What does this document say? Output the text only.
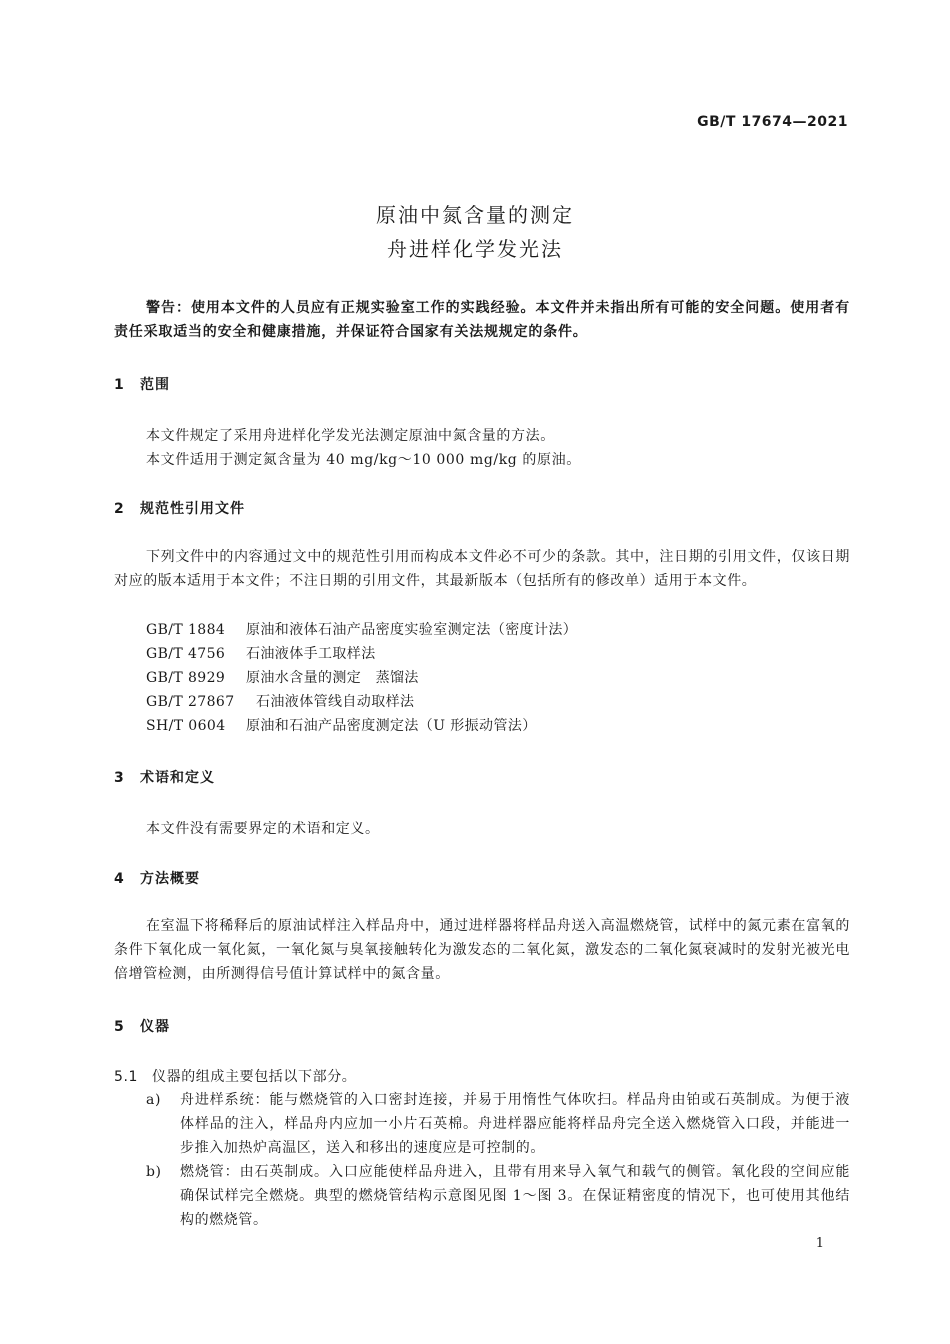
GB/T 17674—2021
原油中氮含量的测定
舟进样化学发光法
警告：使用本文件的人员应有正规实验室工作的实践经验。本文件并未指出所有可能的安全问题。使用者有责任采取适当的安全和健康措施，并保证符合国家有关法规规定的条件。
1 范围
本文件规定了采用舟进样化学发光法测定原油中氮含量的方法。
本文件适用于测定氮含量为 40 mg/kg～10 000 mg/kg 的原油。
2 规范性引用文件
下列文件中的内容通过文中的规范性引用而构成本文件必不可少的条款。其中，注日期的引用文件，仅该日期对应的版本适用于本文件；不注日期的引用文件，其最新版本（包括所有的修改单）适用于本文件。
GB/T 1884 原油和液体石油产品密度实验室测定法（密度计法）
GB/T 4756 石油液体手工取样法
GB/T 8929 原油水含量的测定　蒸馏法
GB/T 27867 石油液体管线自动取样法
SH/T 0604 原油和石油产品密度测定法（U 形振动管法）
3 术语和定义
本文件没有需要界定的术语和定义。
4 方法概要
在室温下将稀释后的原油试样注入样品舟中，通过进样器将样品舟送入高温燃烧管，试样中的氮元素在富氧的条件下氧化成一氧化氮，一氧化氮与臭氧接触转化为激发态的二氧化氮，激发态的二氧化氮衰减时的发射光被光电倍增管检测，由所测得信号值计算试样中的氮含量。
5 仪器
5.1 仪器的组成主要包括以下部分。
a) 舟进样系统：能与燃烧管的入口密封连接，并易于用惰性气体吹扫。样品舟由铂或石英制成。为便于液体样品的注入，样品舟内应加一小片石英棉。舟进样器应能将样品舟完全送入燃烧管入口段，并能进一步推入加热炉高温区，送入和移出的速度应是可控制的。
b) 燃烧管：由石英制成。入口应能使样品舟进入，且带有用来导入氧气和载气的侧管。氧化段的空间应能确保试样完全燃烧。典型的燃烧管结构示意图见图 1～图 3。在保证精密度的情况下，也可使用其他结构的燃烧管。
1
